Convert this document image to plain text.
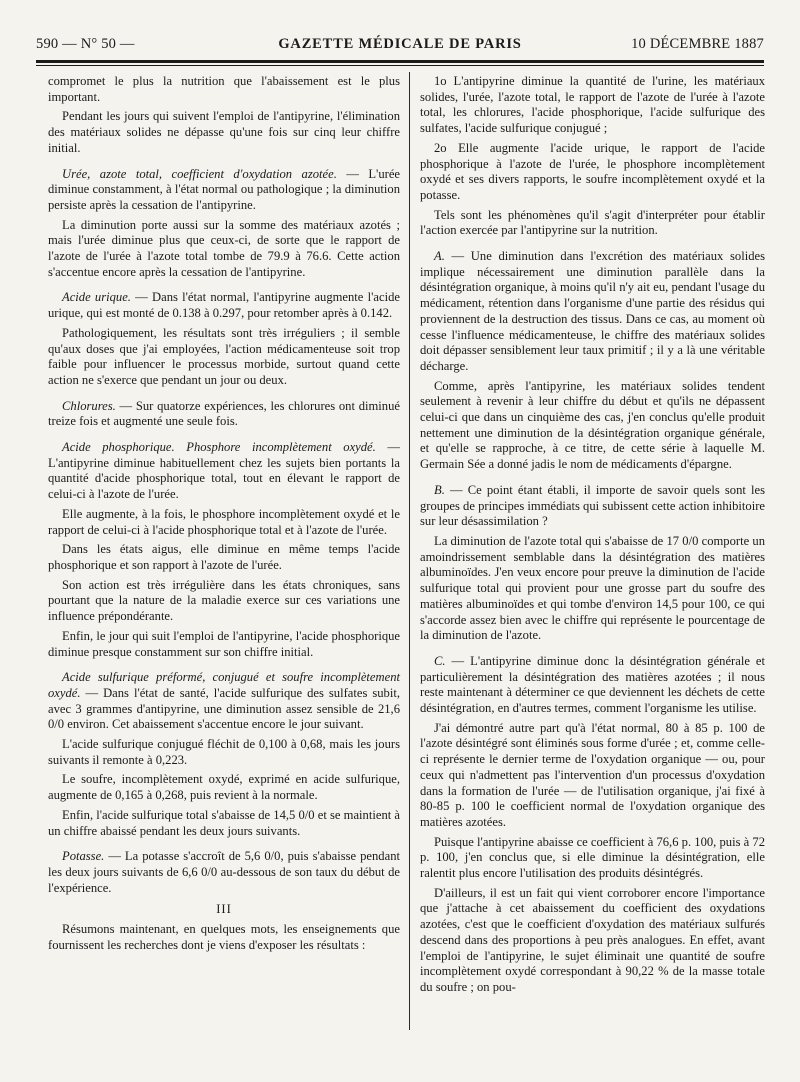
590 — N° 50 —	GAZETTE MÉDICALE DE PARIS	10 DÉCEMBRE 1887

compromet le plus la nutrition que l'abaissement est le plus important.

Pendant les jours qui suivent l'emploi de l'antipyrine, l'élimination des matériaux solides ne dépasse qu'une fois sur cinq leur chiffre initial.

Urée, azote total, coefficient d'oxydation azotée. — L'urée diminue constamment, à l'état normal ou pathologique ; la diminution persiste après la cessation de l'antipyrine.

La diminution porte aussi sur la somme des matériaux azotés ; mais l'urée diminue plus que ceux-ci, de sorte que le rapport de l'azote de l'urée à l'azote total tombe de 79.9 à 76.6. Cette action s'accentue encore après la cessation de l'antipyrine.

Acide urique. — Dans l'état normal, l'antipyrine augmente l'acide urique, qui est monté de 0.138 à 0.297, pour retomber après à 0.142.

Pathologiquement, les résultats sont très irréguliers ; il semble qu'aux doses que j'ai employées, l'action médicamenteuse soit trop faible pour influencer le processus morbide, surtout quand cette action ne s'exerce que pendant un jour ou deux.

Chlorures. — Sur quatorze expériences, les chlorures ont diminué treize fois et augmenté une seule fois.

Acide phosphorique. Phosphore incomplètement oxydé. — L'antipyrine diminue habituellement chez les sujets bien portants la quantité d'acide phosphorique total, tout en élevant le rapport de celui-ci à l'azote de l'urée.

Elle augmente, à la fois, le phosphore incomplètement oxydé et le rapport de celui-ci à l'acide phosphorique total et à l'azote de l'urée.

Dans les états aigus, elle diminue en même temps l'acide phosphorique et son rapport à l'azote de l'urée.

Son action est très irrégulière dans les états chroniques, sans pourtant que la nature de la maladie exerce sur ces variations une influence prépondérante.

Enfin, le jour qui suit l'emploi de l'antipyrine, l'acide phosphorique diminue presque constamment sur son chiffre initial.

Acide sulfurique préformé, conjugué et soufre incomplètement oxydé. — Dans l'état de santé, l'acide sulfurique des sulfates subit, avec 3 grammes d'antipyrine, une diminution assez sensible de 21,6 0/0 environ. Cet abaissement s'accentue encore le jour suivant.

L'acide sulfurique conjugué fléchit de 0,100 à 0,68, mais les jours suivants il remonte à 0,223.

Le soufre, incomplètement oxydé, exprimé en acide sulfurique, augmente de 0,165 à 0,268, puis revient à la normale.

Enfin, l'acide sulfurique total s'abaisse de 14,5 0/0 et se maintient à un chiffre abaissé pendant les deux jours suivants.

Potasse. — La potasse s'accroît de 5,6 0/0, puis s'abaisse pendant les deux jours suivants de 6,6 0/0 au-dessous de son taux du début de l'expérience.

III

Résumons maintenant, en quelques mots, les enseignements que fournissent les recherches dont je viens d'exposer les résultats :

1o L'antipyrine diminue la quantité de l'urine, les matériaux solides, l'urée, l'azote total, le rapport de l'azote de l'urée à l'azote total, les chlorures, l'acide phosphorique, l'acide sulfurique des sulfates, l'acide sulfurique conjugué ;

2o Elle augmente l'acide urique, le rapport de l'acide phosphorique à l'azote de l'urée, le phosphore incomplètement oxydé et ses divers rapports, le soufre incomplètement oxydé et la potasse.

Tels sont les phénomènes qu'il s'agit d'interpréter pour établir l'action exercée par l'antipyrine sur la nutrition.

A. — Une diminution dans l'excrétion des matériaux solides implique nécessairement une diminution parallèle dans la désintégration organique, à moins qu'il n'y ait eu, pendant l'usage du médicament, rétention dans l'organisme d'une partie des résidus qui proviennent de la destruction des tissus. Dans ce cas, au moment où cesse l'influence médicamenteuse, le chiffre des matériaux solides doit dépasser sensiblement leur taux primitif ; il y a là une véritable décharge.

Comme, après l'antipyrine, les matériaux solides tendent seulement à revenir à leur chiffre du début et qu'ils ne dépassent celui-ci que dans un cinquième des cas, j'en conclus qu'elle produit nettement une diminution de la désintégration organique générale, et qu'elle se rapproche, à ce titre, de cette série à laquelle M. Germain Sée a donné jadis le nom de médicaments d'épargne.

B. — Ce point étant établi, il importe de savoir quels sont les groupes de principes immédiats qui subissent cette action inhibitoire sur leur désassimilation ?

La diminution de l'azote total qui s'abaisse de 17 0/0 comporte un amoindrissement semblable dans la désintégration des matières albuminoïdes. J'en veux encore pour preuve la diminution de l'acide sulfurique total qui provient pour une grosse part du soufre des matières albuminoïdes et qui tombe d'environ 14,5 pour 100, ce qui s'accorde assez bien avec le chiffre qui représente le pourcentage de la diminution de l'azote.

C. — L'antipyrine diminue donc la désintégration générale et particulièrement la désintégration des matières azotées ; il nous reste maintenant à déterminer ce que deviennent les déchets de cette désintégration, en d'autres termes, comment l'organisme les utilise.

J'ai démontré autre part qu'à l'état normal, 80 à 85 p. 100 de l'azote désintégré sont éliminés sous forme d'urée ; et, comme celle-ci représente le dernier terme de l'oxydation organique — ou, pour ceux qui n'admettent pas l'intervention d'un processus d'oxydation dans la formation de l'urée — de l'utilisation organique, j'ai fixé à 80-85 p. 100 le coefficient normal de l'oxydation organique des matières azotées.

Puisque l'antipyrine abaisse ce coefficient à 76,6 p. 100, puis à 72 p. 100, j'en conclus que, si elle diminue la désintégration, elle ralentit plus encore l'utilisation des produits désintégrés.

D'ailleurs, il est un fait qui vient corroborer encore l'importance que j'attache à cet abaissement du coefficient des oxydations azotées, c'est que le coefficient d'oxydation des matériaux sulfurés descend dans des proportions à peu près analogues. En effet, avant l'emploi de l'antipyrine, le sujet éliminait une quantité de soufre incomplètement oxydé correspondant à 90,22 % de la masse totale du soufre ; on pou-
